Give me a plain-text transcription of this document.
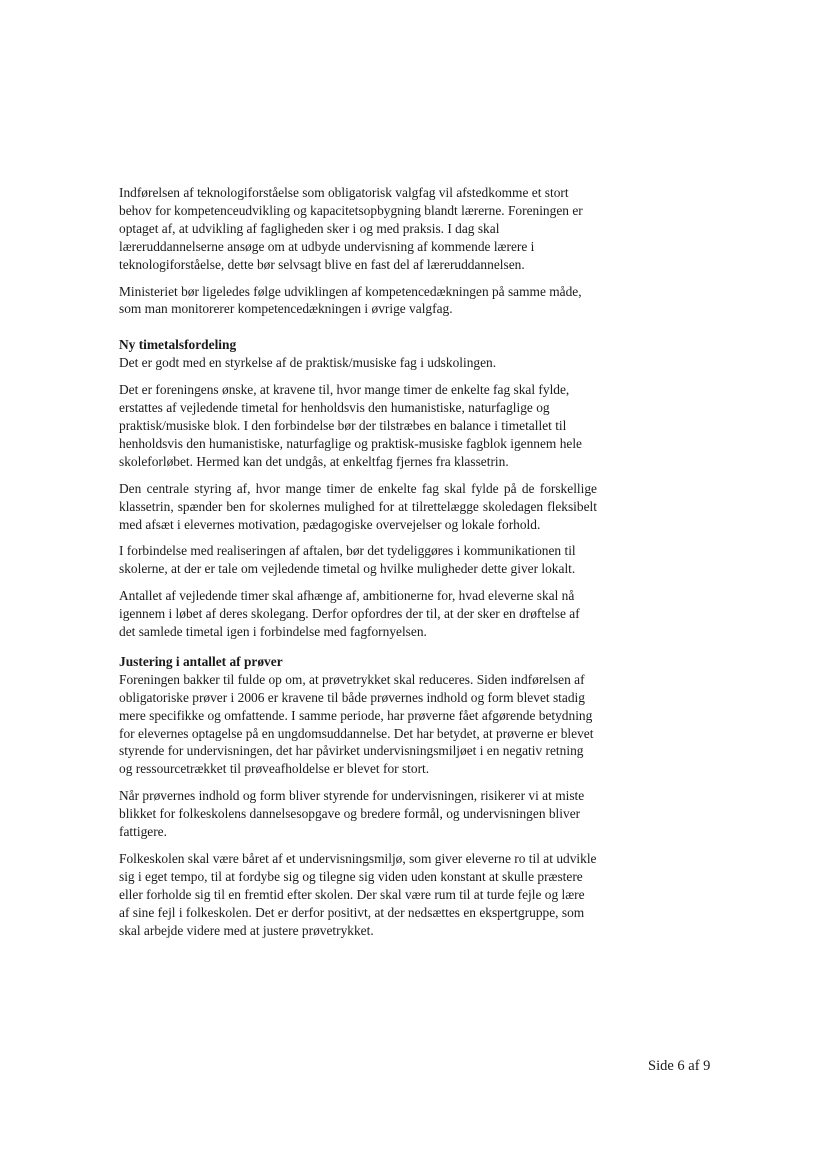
Indførelsen af teknologiforståelse som obligatorisk valgfag vil afstedkomme et stort behov for kompetenceudvikling og kapacitetsopbygning blandt lærerne. Foreningen er optaget af, at udvikling af fagligheden sker i og med praksis. I dag skal læreruddannelserne ansøge om at udbyde undervisning af kommende lærere i teknologiforståelse, dette bør selvsagt blive en fast del af læreruddannelsen.

Ministeriet bør ligeledes følge udviklingen af kompetencedækningen på samme måde, som man monitorerer kompetencedækningen i øvrige valgfag.

Ny timetalsfordeling

Det er godt med en styrkelse af de praktisk/musiske fag i udskolingen.

Det er foreningens ønske, at kravene til, hvor mange timer de enkelte fag skal fylde, erstattes af vejledende timetal for henholdsvis den humanistiske, naturfaglige og praktisk/musiske blok. I den forbindelse bør der tilstræbes en balance i timetallet til henholdsvis den humanistiske, naturfaglige og praktisk-musiske fagblok igennem hele skoleforløbet. Hermed kan det undgås, at enkeltfag fjernes fra klassetrin.

Den centrale styring af, hvor mange timer de enkelte fag skal fylde på de forskellige klassetrin, spænder ben for skolernes mulighed for at tilrettelægge skoledagen fleksibelt med afsæt i elevernes motivation, pædagogiske overvejelser og lokale forhold.

I forbindelse med realiseringen af aftalen, bør det tydeliggøres i kommunikationen til skolerne, at der er tale om vejledende timetal og hvilke muligheder dette giver lokalt.

Antallet af vejledende timer skal afhænge af, ambitionerne for, hvad eleverne skal nå igennem i løbet af deres skolegang. Derfor opfordres der til, at der sker en drøftelse af det samlede timetal igen i forbindelse med fagfornyelsen.

Justering i antallet af prøver

Foreningen bakker til fulde op om, at prøvetrykket skal reduceres. Siden indførelsen af obligatoriske prøver i 2006 er kravene til både prøvernes indhold og form blevet stadig mere specifikke og omfattende. I samme periode, har prøverne fået afgørende betydning for elevernes optagelse på en ungdomsuddannelse. Det har betydet, at prøverne er blevet styrende for undervisningen, det har påvirket undervisningsmiljøet i en negativ retning og ressourcetrækket til prøveafholdelse er blevet for stort.

Når prøvernes indhold og form bliver styrende for undervisningen, risikerer vi at miste blikket for folkeskolens dannelsesopgave og bredere formål, og undervisningen bliver fattigere.

Folkeskolen skal være båret af et undervisningsmiljø, som giver eleverne ro til at udvikle sig i eget tempo, til at fordybe sig og tilegne sig viden uden konstant at skulle præstere eller forholde sig til en fremtid efter skolen. Der skal være rum til at turde fejle og lære af sine fejl i folkeskolen. Det er derfor positivt, at der nedsættes en ekspertgruppe, som skal arbejde videre med at justere prøvetrykket.

Side 6 af 9
